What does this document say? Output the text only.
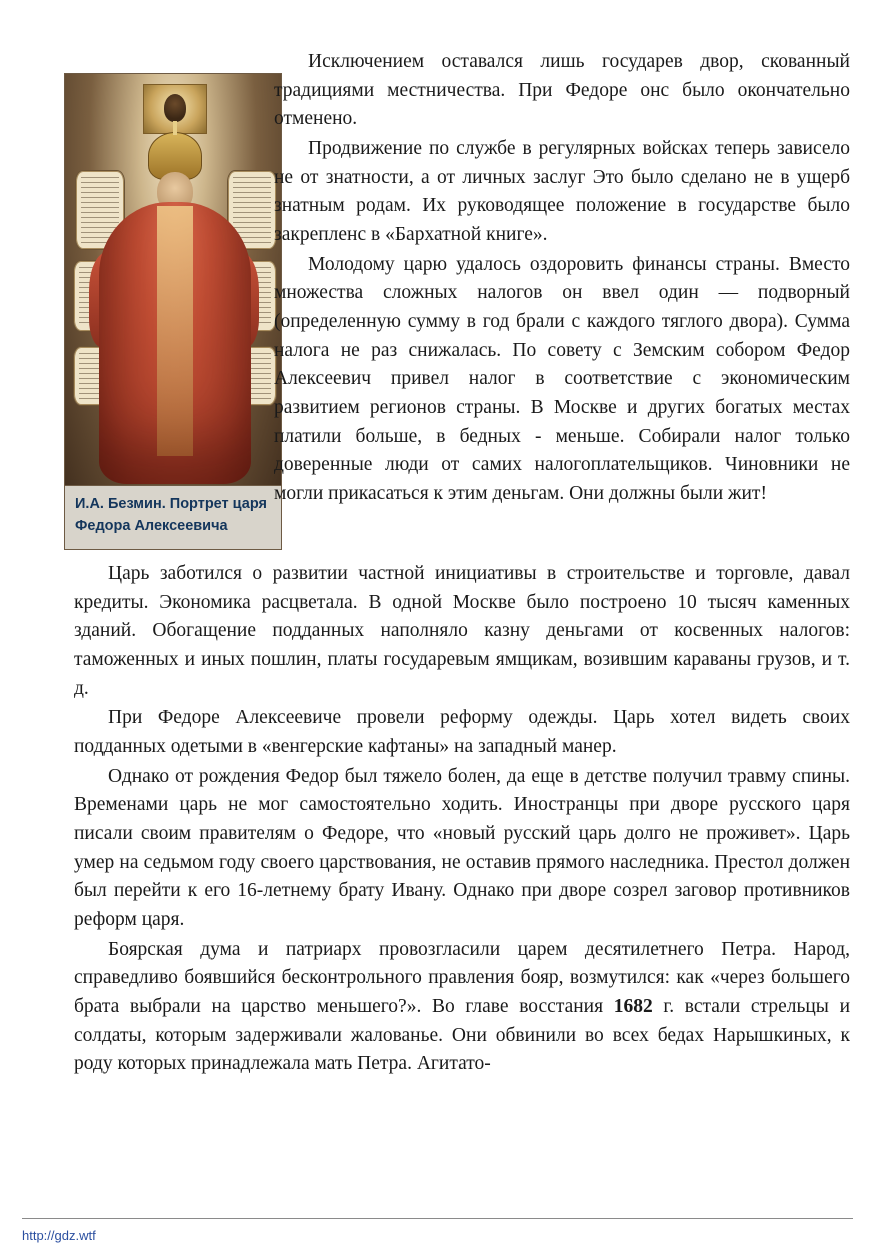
И.А. Безмин. Портрет царя
Федора Алексеевича

Исключением оставался лишь государев двор, скованный традициями местничества. При Федоре онс было окончательно отменено.

Продвижение по службе в регулярных войсках теперь зависело не от знатности, а от личных заслуг Это было сделано не в ущерб знатным родам. Их руководящее положение в государстве было закрепленс в «Бархатной книге».

Молодому царю удалось оздоровить финансы страны. Вместо множества сложных налогов он ввел один — подворный (определенную сумму в год брали с каждого тяглого двора). Сумма налога не раз снижалась. По совету с Земским собором Федор Алексеевич привел налог в соответствие с экономическим развитием регионов страны. В Москве и других богатых местах платили больше, в бедных - меньше. Собирали налог только доверенные люди от самих налогоплательщиков. Чиновники не могли прикасаться к этим деньгам. Они должны были жит!

Царь заботился о развитии частной инициативы в строительстве и торговле, давал кредиты. Экономика расцветала. В одной Москве было построено 10 тысяч каменных зданий. Обогащение подданных наполняло казну деньгами от косвенных налогов: таможенных и иных пошлин, платы государевым ямщикам, возившим караваны грузов, и т. д.

При Федоре Алексеевиче провели реформу одежды. Царь хотел видеть своих подданных одетыми в «венгерские кафтаны» на западный манер.

Однако от рождения Федор был тяжело болен, да еще в детстве получил травму спины. Временами царь не мог самостоятельно ходить. Иностранцы при дворе русского царя писали своим правителям о Федоре, что «новый русский царь долго не проживет». Царь умер на седьмом году своего царствования, не оставив прямого наследника. Престол должен был перейти к его 16-летнему брату Ивану. Однако при дворе созрел заговор противников реформ царя.

Боярская дума и патриарх провозгласили царем десятилетнего Петра. Народ, справедливо боявшийся бесконтрольного правления бояр, возмутился: как «через большего брата выбрали на царство меньшего?». Во главе восстания 1682 г. встали стрельцы и солдаты, которым задерживали жалованье. Они обвинили во всех бедах Нарышкиных, к роду которых принадлежала мать Петра. Агитато-

http://gdz.wtf
